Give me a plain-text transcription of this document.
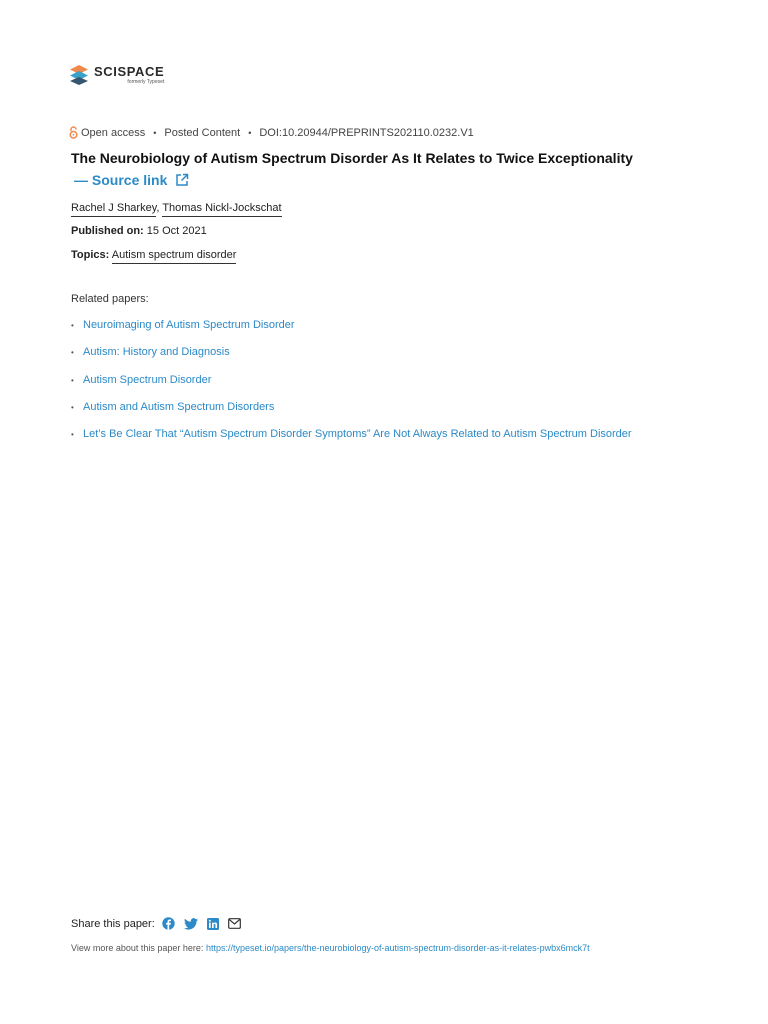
SCISPACE
formerly Typeset
Open access • Posted Content • DOI:10.20944/PREPRINTS202110.0232.V1
The Neurobiology of Autism Spectrum Disorder As It Relates to Twice Exceptionality
— Source link
Rachel J Sharkey, Thomas Nickl-Jockschat
Published on: 15 Oct 2021
Topics: Autism spectrum disorder
Related papers:
• Neuroimaging of Autism Spectrum Disorder
• Autism: History and Diagnosis
• Autism Spectrum Disorder
• Autism and Autism Spectrum Disorders
• Let’s Be Clear That “Autism Spectrum Disorder Symptoms” Are Not Always Related to Autism Spectrum Disorder
Share this paper:
View more about this paper here: https://typeset.io/papers/the-neurobiology-of-autism-spectrum-disorder-as-it-relates-pwbx6mck7t
